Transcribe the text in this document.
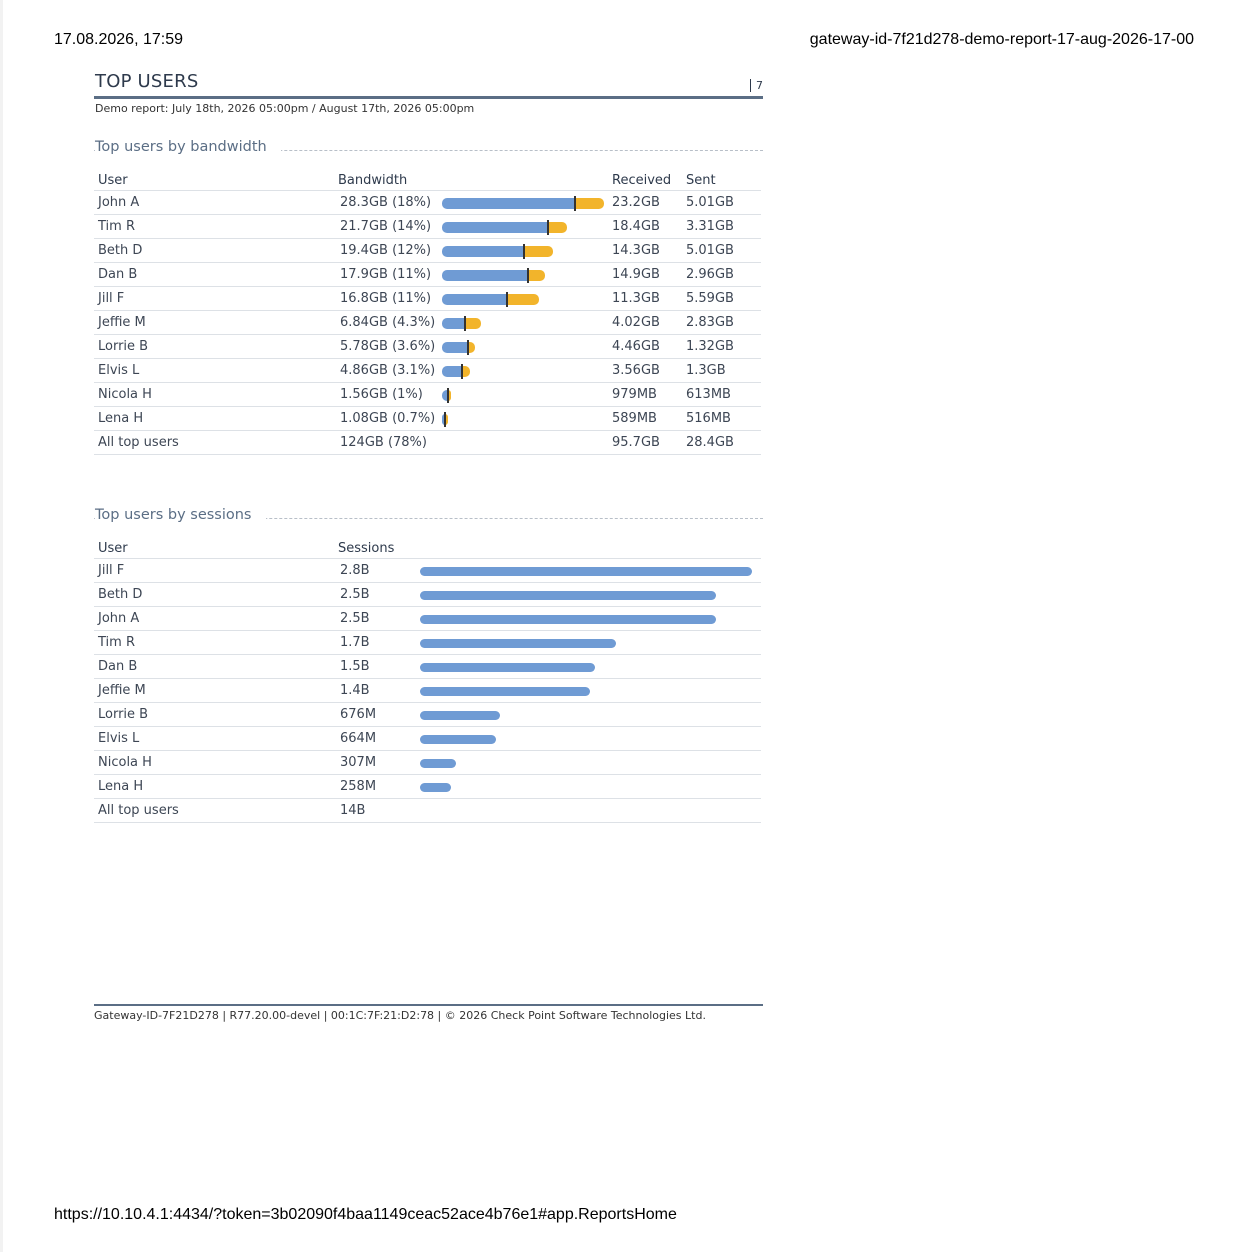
17.08.2026, 17:59	gateway-id-7f21d278-demo-report-17-aug-2026-17-00
TOP USERS	7
Demo report: July 18th, 2026 05:00pm / August 17th, 2026 05:00pm
Top users by bandwidth
User	Bandwidth		Received	Sent
John A	28.3GB (18%)		23.2GB	5.01GB
Tim R	21.7GB (14%)		18.4GB	3.31GB
Beth D	19.4GB (12%)		14.3GB	5.01GB
Dan B	17.9GB (11%)		14.9GB	2.96GB
Jill F	16.8GB (11%)		11.3GB	5.59GB
Jeffie M	6.84GB (4.3%)		4.02GB	2.83GB
Lorrie B	5.78GB (3.6%)		4.46GB	1.32GB
Elvis L	4.86GB (3.1%)		3.56GB	1.3GB
Nicola H	1.56GB (1%)		979MB	613MB
Lena H	1.08GB (0.7%)		589MB	516MB
All top users	124GB (78%)		95.7GB	28.4GB
Top users by sessions
User	Sessions	
Jill F	2.8B	

Beth D	2.5B	

John A	2.5B	

Tim R	1.7B	

Dan B	1.5B	

Jeffie M	1.4B	

Lorrie B	676M	

Elvis L	664M	

Nicola H	307M	

Lena H	258M	

All top users	14B	
Gateway-ID-7F21D278 | R77.20.00-devel | 00:1C:7F:21:D2:78 | © 2026 Check Point Software Technologies Ltd.
https://10.10.4.1:4434/?token=3b02090f4baa1149ceac52ace4b76e1#app.ReportsHome
